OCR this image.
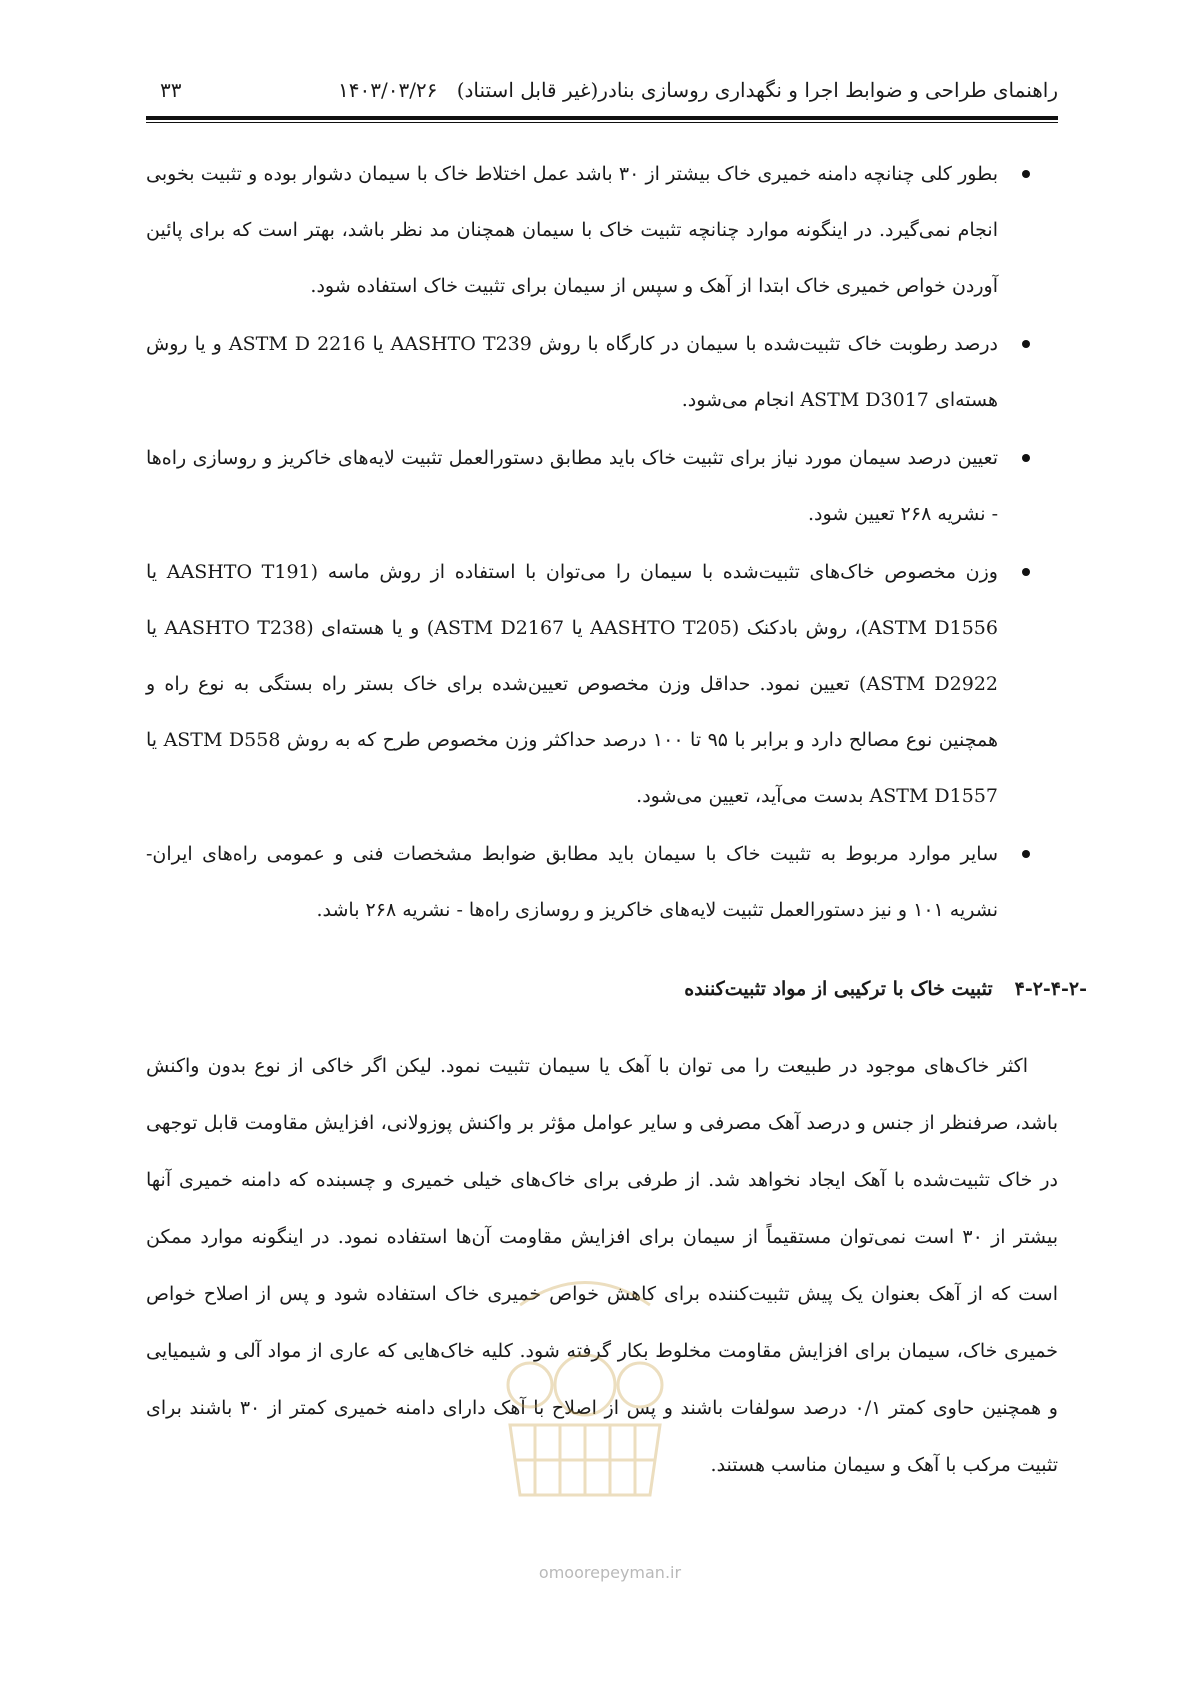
راهنمای طراحی و ضوابط اجرا و نگهداری روسازی بنادر(غیر قابل استناد)
۱۴۰۳/۰۳/۲۶
۳۳
بطور کلی چنانچه دامنه خمیری خاک بیشتر از ۳۰ باشد عمل اختلاط خاک با سیمان دشوار بوده و تثبیت بخوبی انجام نمی‌گیرد. در اینگونه موارد چنانچه تثبیت خاک با سیمان همچنان مد نظر باشد، بهتر است که برای پائین آوردن خواص خمیری خاک ابتدا از آهک و سپس از سیمان برای تثبیت خاک استفاده شود.
درصد رطوبت خاک تثبیت‌شده با سیمان در کارگاه با روش AASHTO T239 یا ASTM D 2216 و یا روش هسته‌ای ASTM D3017 انجام می‌شود.
تعیین درصد سیمان مورد نیاز برای تثبیت خاک باید مطابق دستورالعمل تثبیت لایه‌های خاکریز و روسازی راه‌ها - نشریه ۲۶۸ تعیین شود.
وزن مخصوص خاک‌های تثبیت‌شده با سیمان را می‌توان با استفاده از روش ماسه (AASHTO T191 یا ASTM D1556)، روش بادکنک (AASHTO T205 یا ASTM D2167) و یا هسته‌ای (AASHTO T238 یا ASTM D2922) تعیین نمود. حداقل وزن مخصوص تعیین‌شده برای خاک بستر راه بستگی به نوع راه و همچنین نوع مصالح دارد و برابر با ۹۵ تا ۱۰۰ درصد حداکثر وزن مخصوص طرح که به روش ASTM D558 یا ASTM D1557 بدست می‌آید، تعیین می‌شود.
سایر موارد مربوط به تثبیت خاک با سیمان باید مطابق ضوابط مشخصات فنی و عمومی راه‌های ایران- نشریه ۱۰۱ و نیز دستورالعمل تثبیت لایه‌های خاکریز و روسازی راه‌ها - نشریه ۲۶۸ باشد.
۴-۲-۴-۲-تثبیت خاک با ترکیبی از مواد تثبیت‌کننده
اکثر خاک‌های موجود در طبیعت را می توان با آهک یا سیمان تثبیت نمود. لیکن اگر خاکی از نوع بدون واکنش باشد، صرفنظر از جنس و درصد آهک مصرفی و سایر عوامل مؤثر بر واکنش پوزولانی، افزایش مقاومت قابل توجهی در خاک تثبیت‌شده با آهک ایجاد نخواهد شد. از طرفی برای خاک‌های خیلی خمیری و چسبنده که دامنه خمیری آنها بیشتر از ۳۰ است نمی‌توان مستقیماً از سیمان برای افزایش مقاومت آن‌ها استفاده نمود. در اینگونه موارد ممکن است که از آهک بعنوان یک پیش تثبیت‌کننده برای کاهش خواص خمیری خاک استفاده شود و پس از اصلاح خواص خمیری خاک، سیمان برای افزایش مقاومت مخلوط بکار گرفته شود. کلیه خاک‌هایی که عاری از مواد آلی و شیمیایی و همچنین حاوی کمتر ۰/۱ درصد سولفات باشند و پس از اصلاح با آهک دارای دامنه خمیری کمتر از ۳۰ باشند برای تثبیت مرکب با آهک و سیمان مناسب هستند.
omoorepeyman.ir
